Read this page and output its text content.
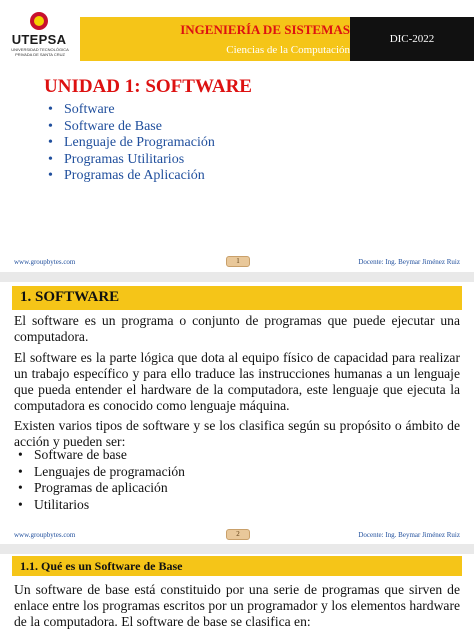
UTEPSA
UNIVERSIDAD TECNOLÓGICA PRIVADA DE SANTA CRUZ
INGENIERÍA DE SISTEMAS
Ciencias de la Computación
DIC-2022
UNIDAD 1: SOFTWARE
• Software
• Software de Base
• Lenguaje de Programación
• Programas Utilitarios
• Programas de Aplicación
www.groupbytes.com	1	Docente: Ing. Beymar Jiménez Ruiz
1. SOFTWARE

El software es un programa o conjunto de programas que puede ejecutar una computadora.

El software es la parte lógica que dota al equipo físico de capacidad para realizar un trabajo específico y para ello traduce las instrucciones humanas a un lenguaje que pueda entender el hardware de la computadora, este lenguaje que ejecuta la computadora es conocido como lenguaje máquina.

Existen varios tipos de software y se los clasifica según su propósito o ámbito de acción y pueden ser:

• Software de base
• Lenguajes de programación
• Programas de aplicación
• Utilitarios
www.groupbytes.com	2	Docente: Ing. Beymar Jiménez Ruiz
1.1. Qué es un Software de Base

Un software de base está constituido por una serie de programas que sirven de enlace entre los programas escritos por un programador y los elementos hardware de la computadora. El software de base se clasifica en:
